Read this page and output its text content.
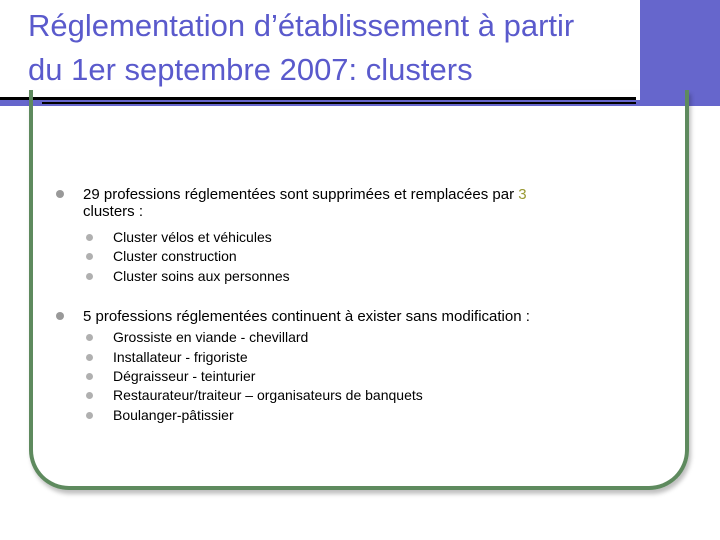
Réglementation d’établissement à partir
du 1er septembre 2007: clusters

29 professions réglementées sont supprimées et remplacées par 3
clusters :

Cluster vélos et véhicules
Cluster construction
Cluster soins aux personnes

5 professions réglementées continuent à exister sans modification :

Grossiste en viande - chevillard
Installateur - frigoriste
Dégraisseur - teinturier
Restaurateur/traiteur – organisateurs de banquets
Boulanger-pâtissier
